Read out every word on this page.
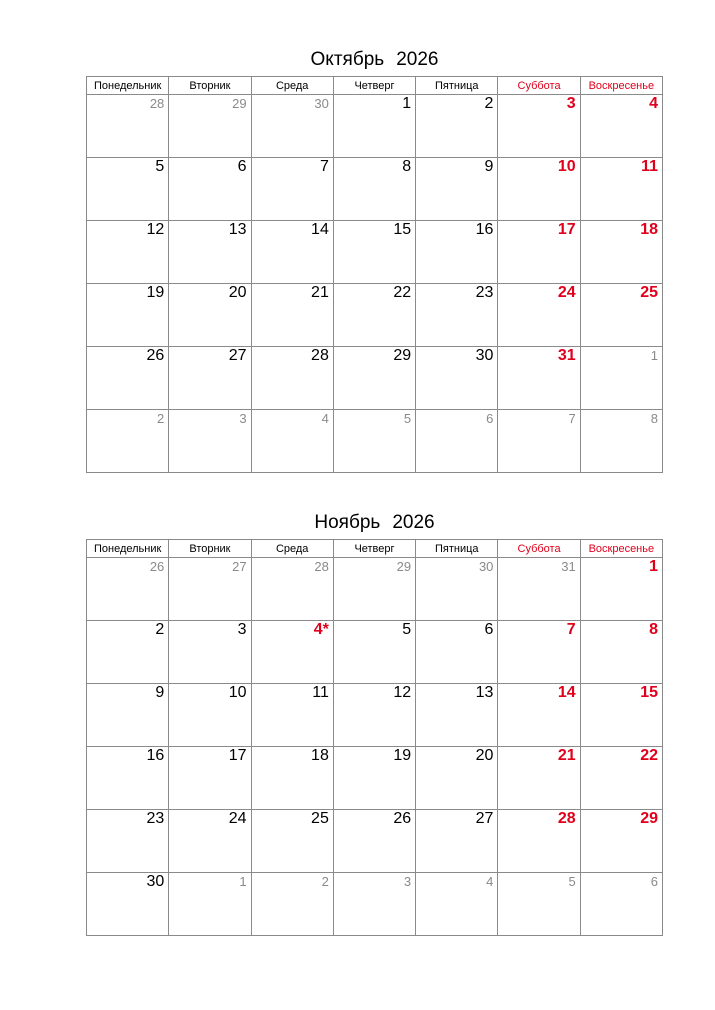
Октябрь 2026
Понедельник	Вторник	Среда	Четверг	Пятница	Суббота	Воскресенье
28	29	30	1	2	3	4
5	6	7	8	9	10	11
12	13	14	15	16	17	18
19	20	21	22	23	24	25
26	27	28	29	30	31	1
2	3	4	5	6	7	8
Ноябрь 2026
Понедельник	Вторник	Среда	Четверг	Пятница	Суббота	Воскресенье
26	27	28	29	30	31	1
2	3	4*	5	6	7	8
9	10	11	12	13	14	15
16	17	18	19	20	21	22
23	24	25	26	27	28	29
30	1	2	3	4	5	6
